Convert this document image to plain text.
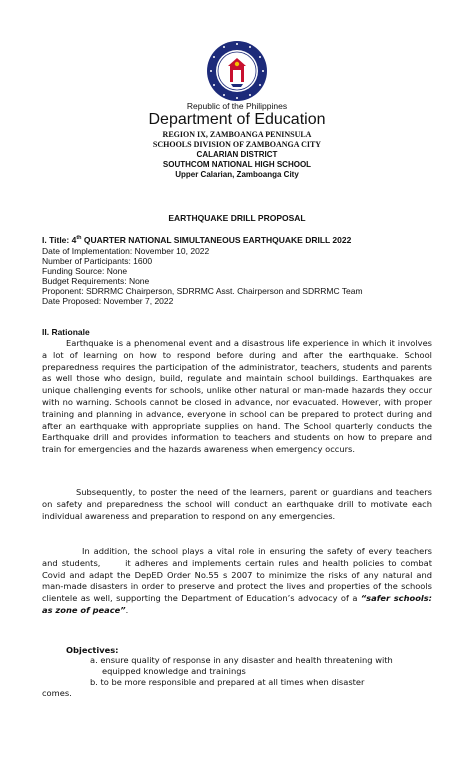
Republic of the Philippines
Department of Education
REGION IX, ZAMBOANGA PENINSULA
SCHOOLS DIVISION OF ZAMBOANGA CITY
CALARIAN DISTRICT
SOUTHCOM NATIONAL HIGH SCHOOL
Upper Calarian, Zamboanga City
EARTHQUAKE DRILL PROPOSAL
I. Title: 4th QUARTER NATIONAL SIMULTANEOUS EARTHQUAKE DRILL 2022
Date of Implementation: November 10, 2022
Number of Participants: 1600
Funding Source: None
Budget Requirements: None
Proponent: SDRRMC Chairperson, SDRRMC Asst. Chairperson and SDRRMC Team
Date Proposed: November 7, 2022
II. Rationale

Earthquake is a phenomenal event and a disastrous life experience in which it involves a lot of learning on how to respond before during and after the earthquake. School preparedness requires the participation of the administrator, teachers, students and parents as well those who design, build, regulate and maintain school buildings. Earthquakes are unique challenging events for schools, unlike other natural or man-made hazards they occur with no warning. Schools cannot be closed in advance, nor evacuated. However, with proper training and planning in advance, everyone in school can be prepared to protect during and after an earthquake with appropriate supplies on hand. The School quarterly conducts the Earthquake drill and provides information to teachers and students on how to prepare and train for emergencies and the hazards awareness when emergency occurs.

Subsequently, to poster the need of the learners, parent or guardians and teachers on safety and preparedness the school will conduct an earthquake drill to motivate each individual awareness and preparation to respond on any emergencies.

In addition, the school plays a vital role in ensuring the safety of every teachers and students,      it adheres and implements certain rules and health policies to combat Covid and adapt the DepED Order No.55 s 2007 to minimize the risks of any natural and man-made disasters in order to preserve and protect the lives and properties of the schools clientele as well, supporting the Department of Education’s advocacy of a “safer schools: as zone of peace”.

Objectives:

a. ensure quality of response in any disaster and health threatening with

equipped knowledge and trainings

b. to be more responsible and prepared at all times when disaster

comes.
